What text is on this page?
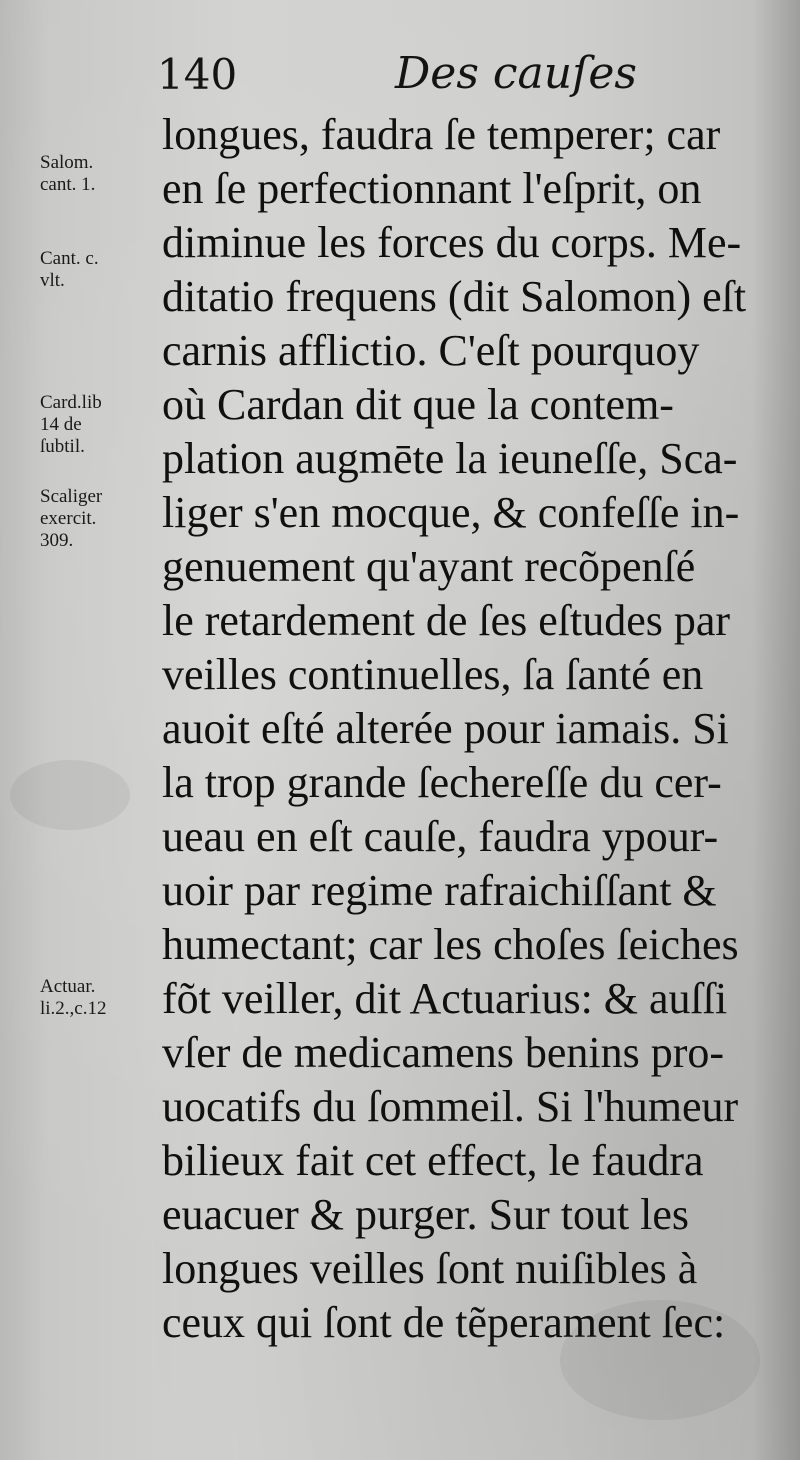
140	Des cauſes
Salom.
cant. 1.
Cant. c.
vlt.
Card.lib
14 de
ſubtil.
Scaliger
exercit.
309.
Actuar.
li.2.,c.12
longues, faudra ſe temperer; car
en ſe perfectionnant l'eſprit, on
diminue les forces du corps. Me-
ditatio frequens (dit Salomon) eſt
carnis afflictio. C'eſt pourquoy
où Cardan dit que la contem-
plation augmēte la ieuneſſe, Sca-
liger s'en mocque, & confeſſe in-
genuement qu'ayant recõpenſé
le retardement de ſes eſtudes par
veilles continuelles, ſa ſanté en
auoit eſté alterée pour iamais. Si
la trop grande ſechereſſe du cer-
ueau en eſt cauſe, faudra ypour-
uoir par regime rafraichiſſant &
humectant; car les choſes ſeiches
fõt veiller, dit Actuarius: & auſſi
vſer de medicamens benins pro-
uocatifs du ſommeil. Si l'humeur
bilieux fait cet effect, le faudra
euacuer & purger. Sur tout les
longues veilles ſont nuiſibles à
ceux qui ſont de tẽperament ſec:
